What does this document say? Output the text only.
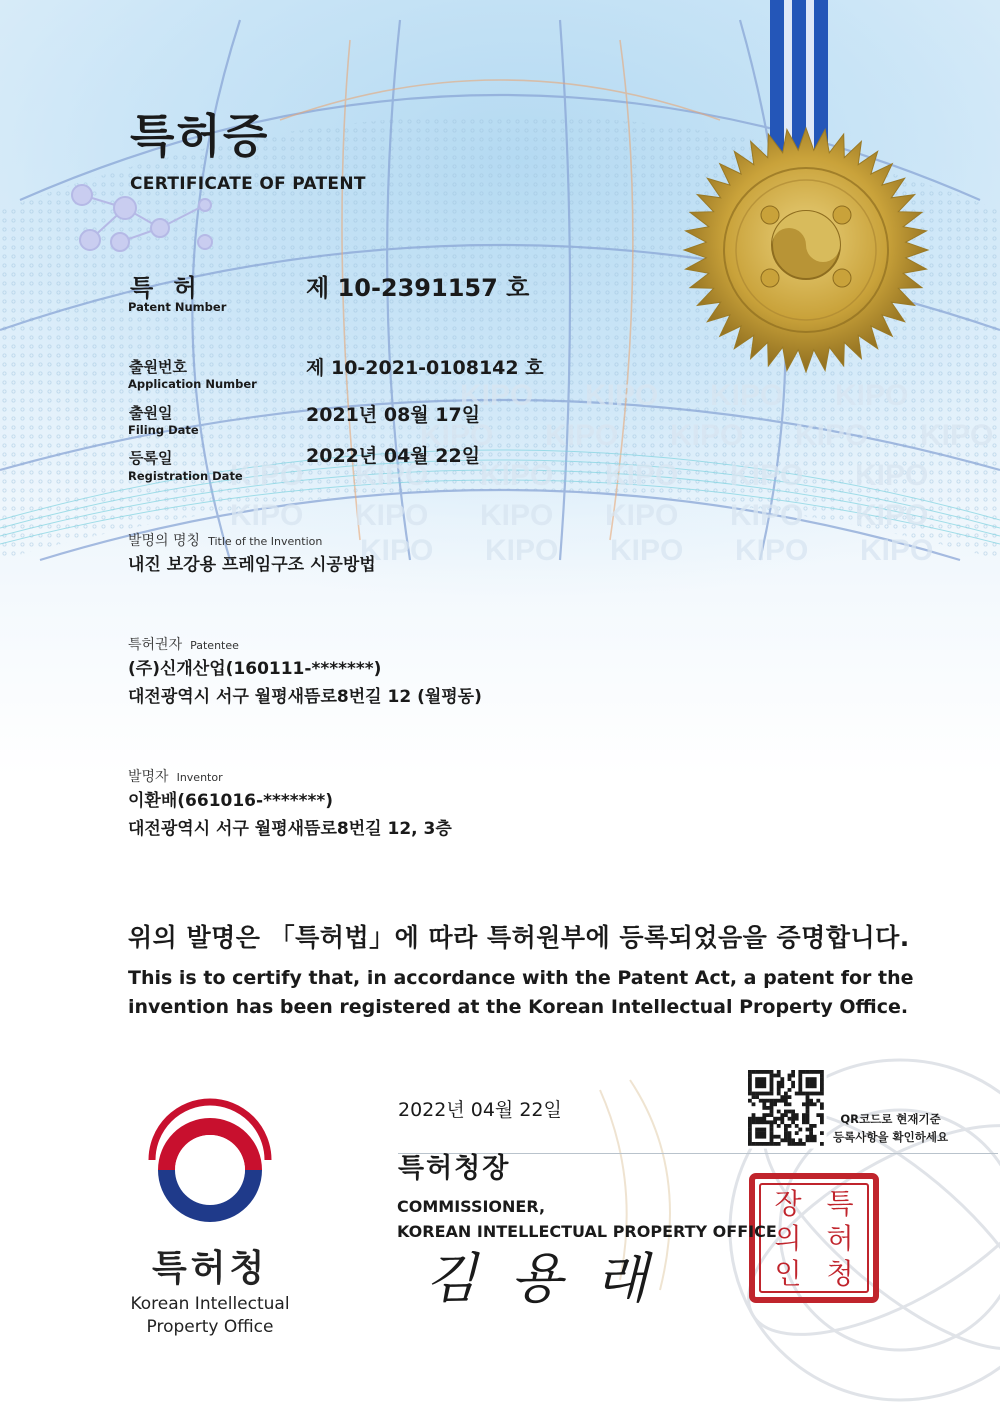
KIPO KIPO KIPO KIPO
KIPO KIPO KIPO KIPO KIPO
KIPO KIPO KIPO KIPO KIPO KIPO
KIPO KIPO KIPO KIPO KIPO KIPO
KIPO KIPO KIPO KIPO KIPO
특허증
CERTIFICATE OF PATENT
특 허
Patent Number
제 10-2391157 호
출원번호
Application Number
제 10-2021-0108142 호
출원일
Filing Date
2021년 08월 17일
등록일
Registration Date
2022년 04월 22일
발명의 명칭 Title of the Invention
내진 보강용 프레임구조 시공방법
특허권자 Patentee
(주)신개산업(160111-*******)
대전광역시 서구 월평새뜸로8번길 12 (월평동)
발명자 Inventor
이환배(661016-*******)
대전광역시 서구 월평새뜸로8번길 12, 3층
위의 발명은 「특허법」에 따라 특허원부에 등록되었음을 증명합니다.
This is to certify that, in accordance with the Patent Act, a patent for the invention has been registered at the Korean Intellectual Property Office.
2022년 04월 22일
특허청장
COMMISSIONER,
KOREAN INTELLECTUAL PROPERTY OFFICE
김 용 래
특허청
Korean Intellectual
Property Office
QR코드로 현재기준
등록사항을 확인하세요
장 특
의 허
인 청
